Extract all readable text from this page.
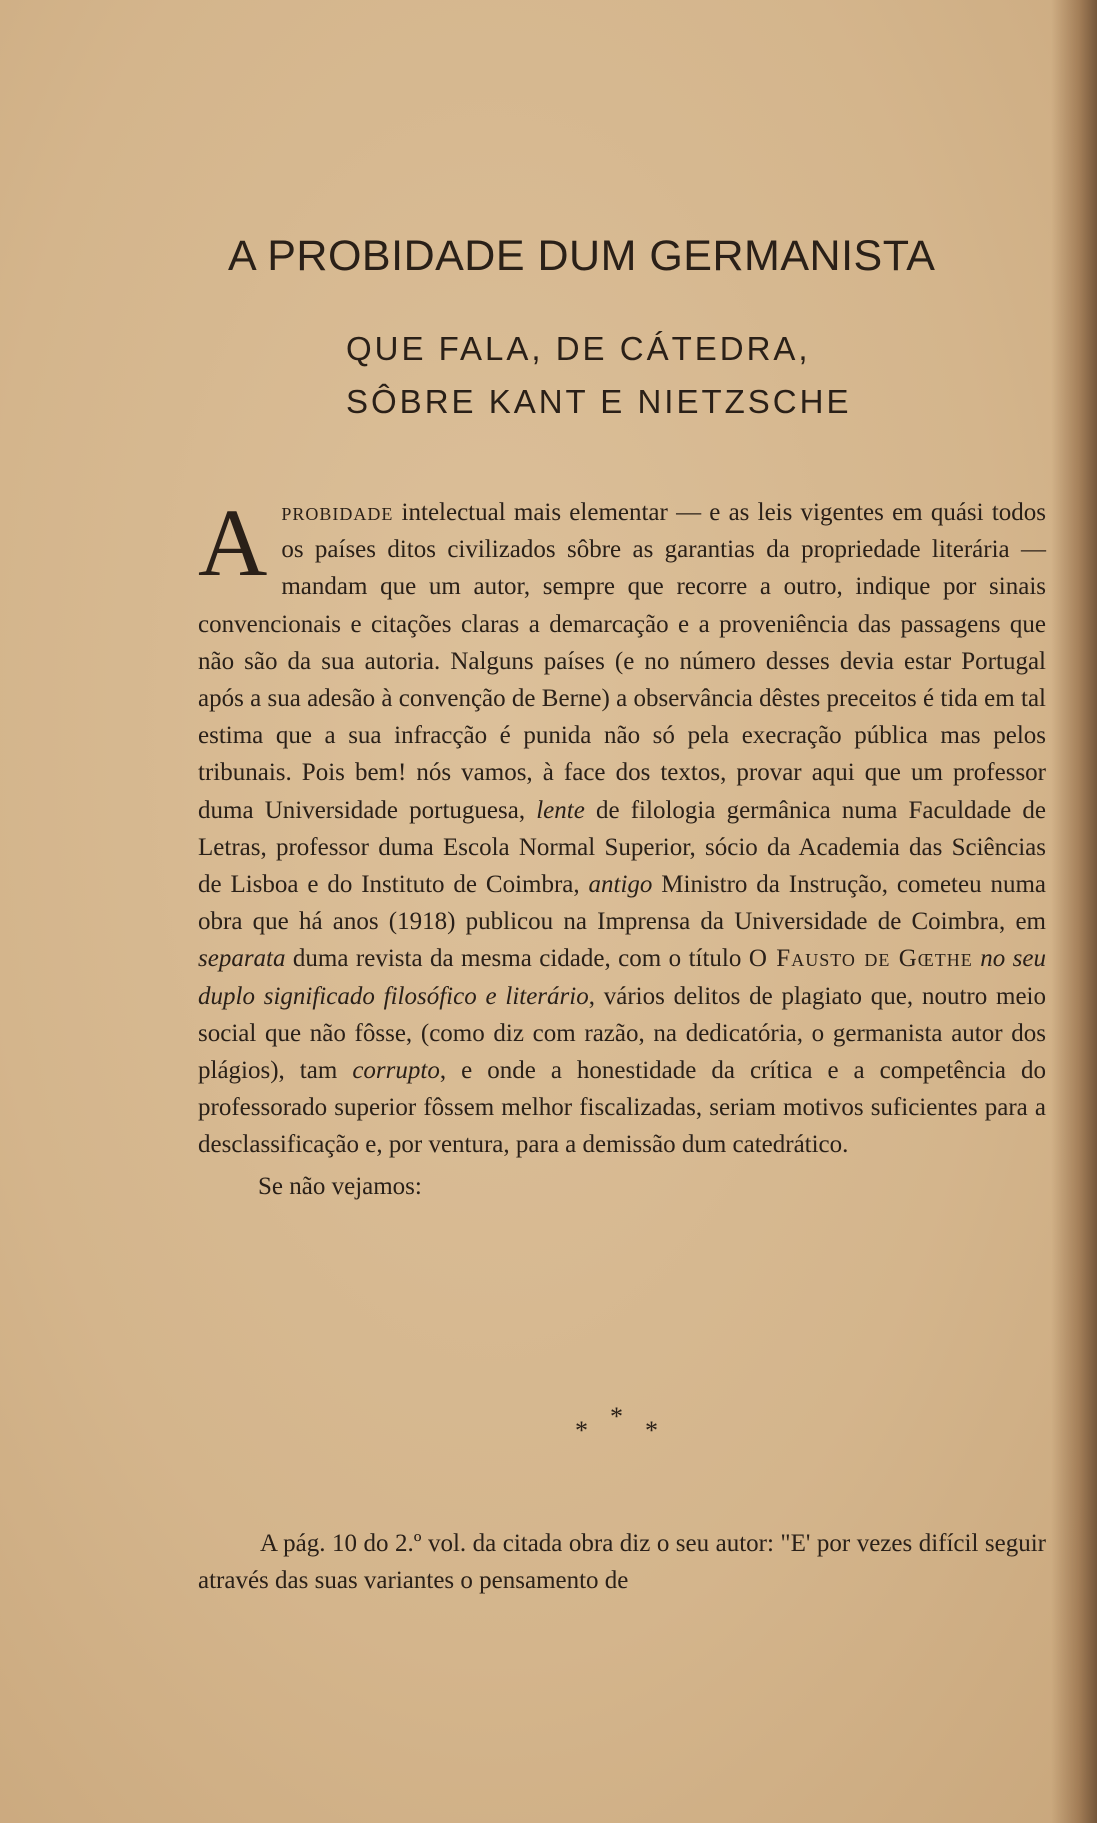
A PROBIDADE DUM GERMANISTA
QUE FALA, DE CÁTEDRA,
SÔBRE KANT E NIETZSCHE
Aprobidade intelectual mais elementar — e as leis vigentes em quási todos os países ditos civilizados sôbre as garantias da propriedade literária — mandam que um autor, sempre que recorre a outro, indique por sinais convencionais e citações claras a demarcação e a proveniência das passagens que não são da sua autoria. Nalguns países (e no número desses devia estar Portugal após a sua adesão à convenção de Berne) a observância dêstes preceitos é tida em tal estima que a sua infracção é punida não só pela execração pública mas pelos tribunais. Pois bem! nós vamos, à face dos textos, provar aqui que um professor duma Universidade portuguesa, lente de filologia germânica numa Faculdade de Letras, professor duma Escola Normal Superior, sócio da Academia das Sciências de Lisboa e do Instituto de Coimbra, antigo Ministro da Instrução, cometeu numa obra que há anos (1918) publicou na Imprensa da Universidade de Coimbra, em separata duma revista da mesma cidade, com o título O Fausto de Gœthe no seu duplo significado filosófico e literário, vários delitos de plagiato que, noutro meio social que não fôsse, (como diz com razão, na dedicatória, o germanista autor dos plágios), tam corrupto, e onde a honestidade da crítica e a competência do professorado superior fôssem melhor fiscalizadas, seriam motivos suficientes para a desclassificação e, por ventura, para a demissão dum catedrático.
Se não vejamos:
***
A pág. 10 do 2.º vol. da citada obra diz o seu autor: "E' por vezes difícil seguir através das suas variantes o pensamento de
